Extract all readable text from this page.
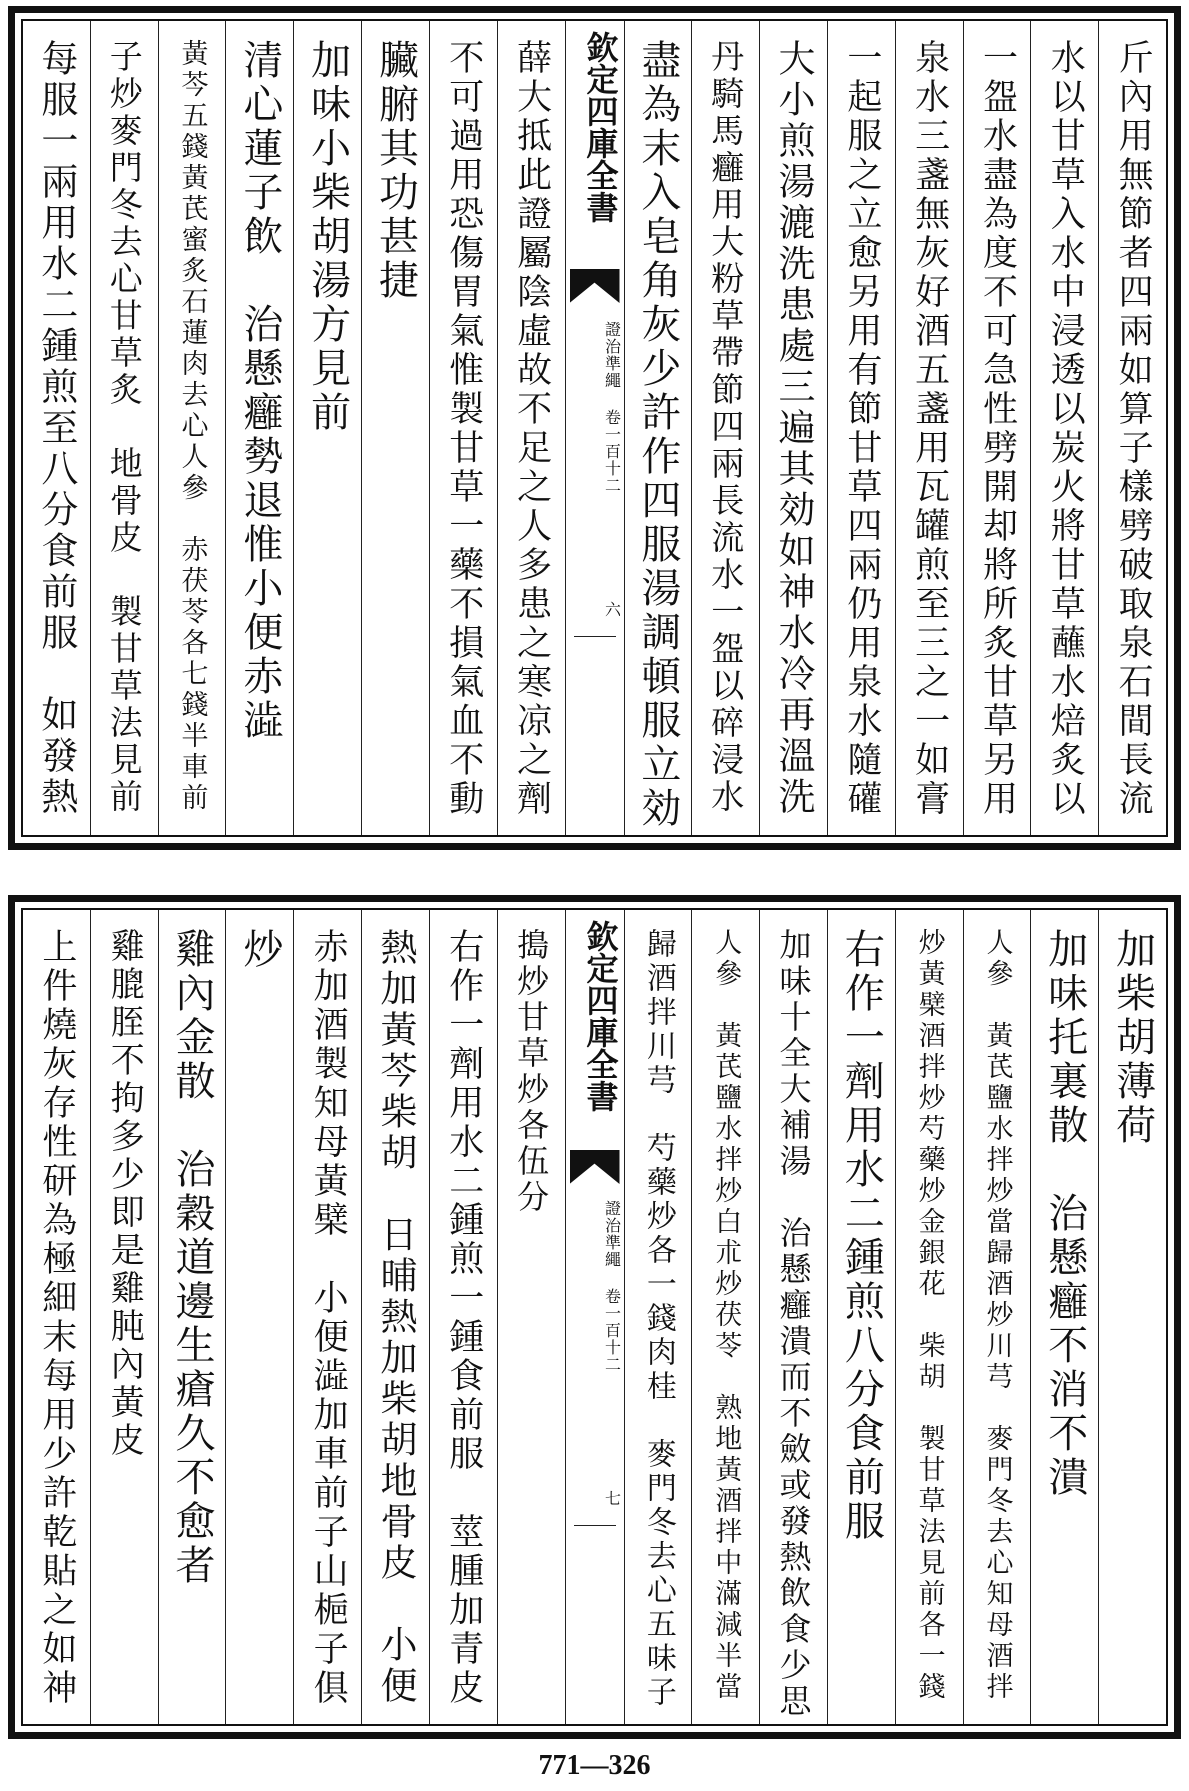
斤內用無節者四兩如算子樣劈破取泉石間長流
水以甘草入水中浸透以炭火將甘草蘸水焙炙以
一盌水盡為度不可急性劈開却將所炙甘草另用
泉水三盞無灰好酒五盞用瓦罐煎至三之一如膏
一起服之立愈另用有節甘草四兩仍用泉水隨礶
大小煎湯漉洗患處三遍其効如神水冷再溫洗
丹騎馬癰用大粉草帶節四兩長流水一盌以碎浸水
盡為末入皂角灰少許作四服湯調頓服立効
欽定四庫全書
證治準繩 卷一百十二
六
薛大抵此證屬陰虛故不足之人多患之寒凉之劑
不可過用恐傷胃氣惟製甘草一藥不損氣血不動
臟腑其功甚捷
加味小柴胡湯方見前
清心蓮子飲　治懸癰勢退惟小便赤澁
黃芩五錢黃芪蜜炙石蓮肉去心人參　赤茯苓各七錢半車前
子炒麥門冬去心甘草炙　地骨皮　製甘草法見前
每服一兩用水二鍾煎至八分食前服　如發熱
加柴胡薄荷
加味托裏散　治懸癰不消不潰
人參　黃芪鹽水拌炒當歸酒炒川芎　麥門冬去心知母酒拌
炒黃檗酒拌炒芍藥炒金銀花　柴胡　製甘草法見前各一錢
右作一劑用水二鍾煎八分食前服
加味十全大補湯　治懸癰潰而不斂或發熱飲食少思
人參　黃芪鹽水拌炒白朮炒茯苓　熟地黃酒拌中滿減半當
歸酒拌川芎　芍藥炒各一錢肉桂　麥門冬去心五味子
欽定四庫全書
證治準繩 卷一百十二
七
搗炒甘草炒各伍分
右作一劑用水二鍾煎一鍾食前服　莖腫加青皮
熱加黃芩柴胡　日晡熱加柴胡地骨皮　小便
赤加酒製知母黃檗　小便澁加車前子山梔子俱
炒
雞內金散　治穀道邊生瘡久不愈者
雞膍胵不拘多少即是雞肫內黃皮
上件燒灰存性研為極細末每用少許乾貼之如神
771—326
